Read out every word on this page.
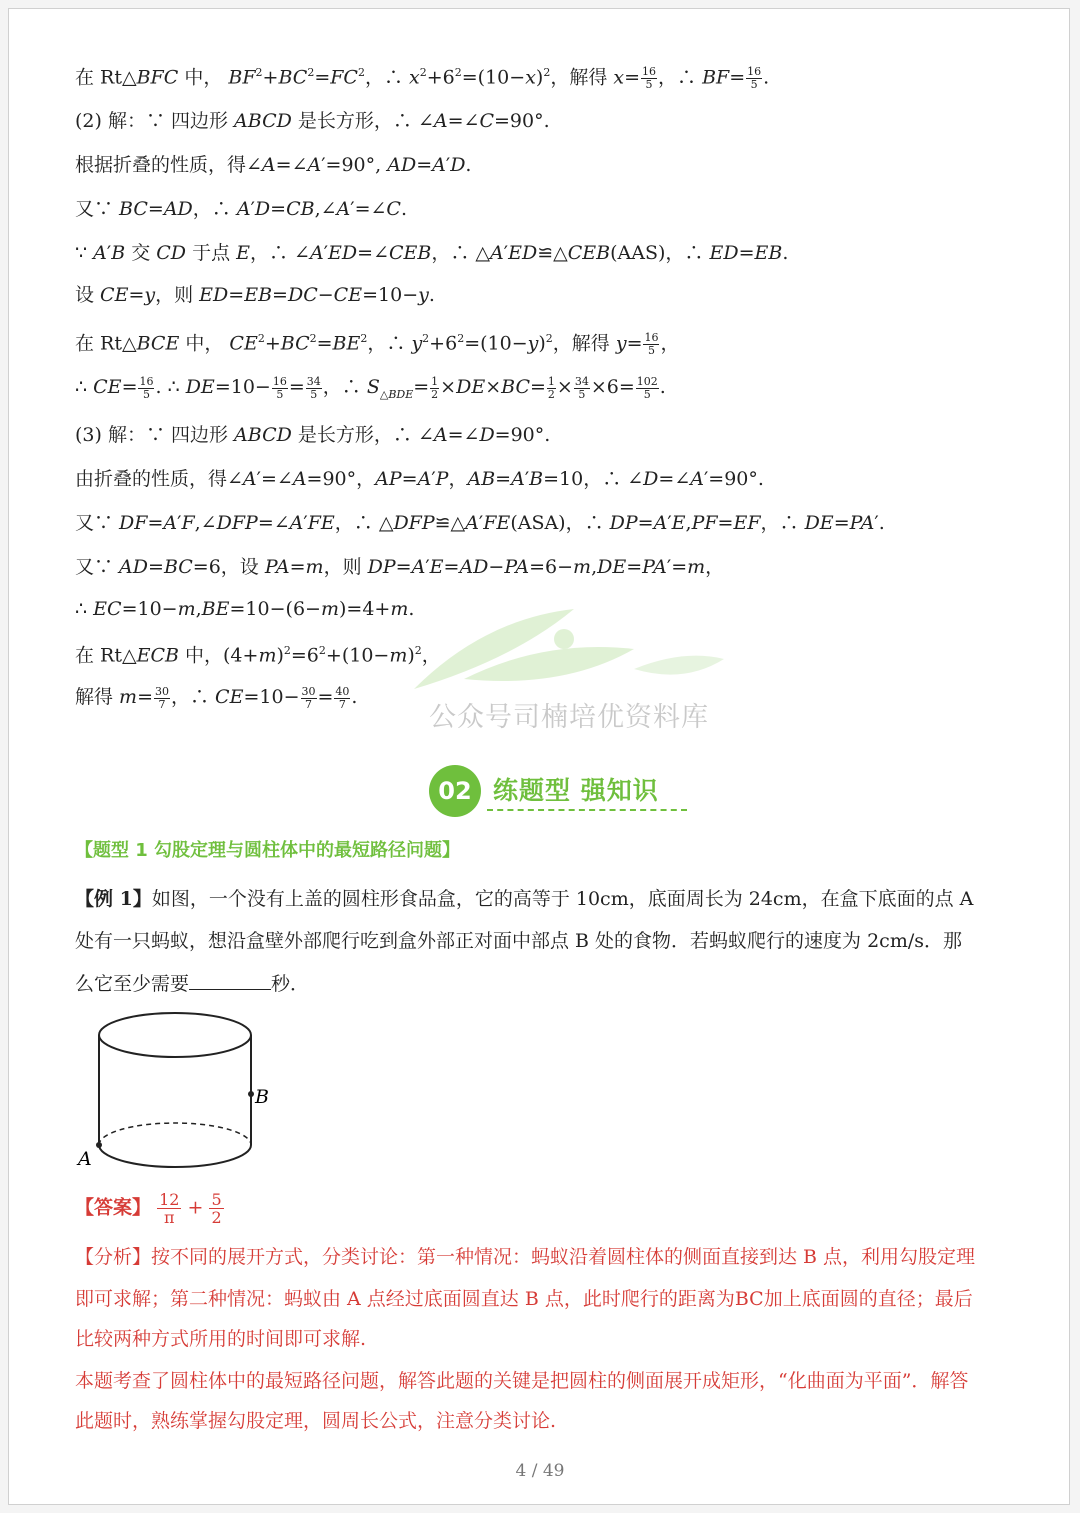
在 Rt△BFC 中， $BF^2+BC^2=FC^2$，∴ $x^2+6^2=(10-x)^2$，解得 $x= \frac{16}{5}$ ，∴ $BF= \frac{16}{5}$ .
(2) 解：∵ 四边形 ABCD 是长方形，∴ ∠A=∠C=90°.
根据折叠的性质，得∠A=∠A′=90°, AD=A′D.
又∵ BC=AD，∴ A′D=CB,∠A′=∠C.
∵ A′B 交 CD 于点 E，∴ ∠A′ED=∠CEB，∴ △A′ED≌△CEB(AAS)，∴ ED=EB.
设 CE=y，则 ED=EB=DC−CE=10−y.
在 Rt△BCE 中， $CE^2+BC^2=BE^2$，∴ $y^2+6^2=(10-y)^2$，解得 $y= \frac{16}{5}$ ，
∴ $CE= \frac{16}{5}$ . ∴ $DE=10- \frac{16}{5} = \frac{34}{5}$ ，∴ $S_{\triangle BDE}= \frac{1}{2} \times DE\times BC= \frac{1}{2} \times \frac{34}{5} \times 6= \frac{102}{5}$ .
(3) 解：∵ 四边形 ABCD 是长方形，∴ ∠A=∠D=90°.
由折叠的性质，得∠A′=∠A=90°，AP=A′P，AB=A′B=10，∴ ∠D=∠A′=90°.
又∵ DF=A′F,∠DFP=∠A′FE，∴ △DFP≌△A′FE(ASA)，∴ DP=A′E,PF=EF，∴ DE=PA′.
又∵ AD=BC=6，设 PA=m，则 DP=A′E=AD−PA=6−m,DE=PA′=m，
∴ EC=10−m,BE=10−(6−m)=4+m.
在 Rt△ECB 中，$(4+m)^2=6^2+(10-m)^2$，
解得 $m= \frac{30}{7}$ ，∴ $CE=10- \frac{30}{7} = \frac{40}{7}$ .
公众号司楠培优资料库
02 练题型 强知识
【题型 1 勾股定理与圆柱体中的最短路径问题】
【例 1】如图，一个没有上盖的圆柱形食品盒，它的高等于 10cm，底面周长为 24cm，在盒下底面的点 A
处有一只蚂蚁，想沿盒壁外部爬行吃到盒外部正对面中部点 B 处的食物．若蚂蚁爬行的速度为 2cm/s．那
么它至少需要	秒．
B
A
【答案】 $\frac{12}{\pi} + \frac{5}{2}$
【分析】按不同的展开方式，分类讨论：第一种情况：蚂蚁沿着圆柱体的侧面直接到达 B 点，利用勾股定理
即可求解；第二种情况：蚂蚁由 A 点经过底面圆直达 B 点，此时爬行的距离为BC加上底面圆的直径；最后
比较两种方式所用的时间即可求解.
本题考查了圆柱体中的最短路径问题，解答此题的关键是把圆柱的侧面展开成矩形，“化曲面为平面”．解答
此题时，熟练掌握勾股定理，圆周长公式，注意分类讨论.
4 / 49
